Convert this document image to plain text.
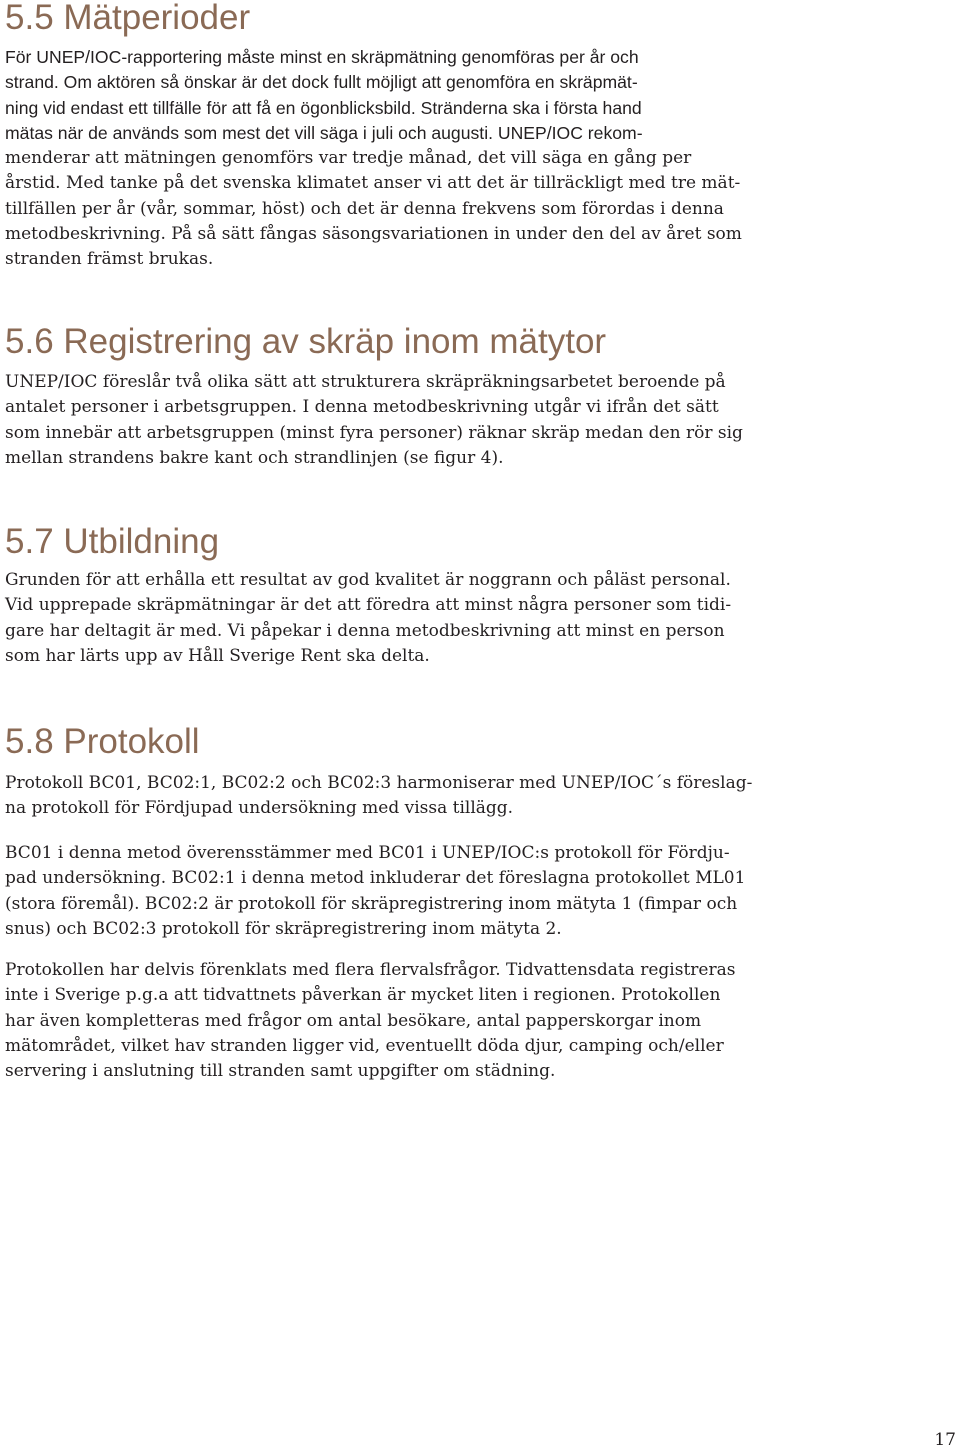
5.5 Mätperioder

För UNEP/IOC-rapportering måste minst en skräpmätning genomföras per år och
strand. Om aktören så önskar är det dock fullt möjligt att genomföra en skräpmät-
ning vid endast ett tillfälle för att få en ögonblicksbild. Stränderna ska i första hand
mätas när de används som mest det vill säga i juli och augusti. UNEP/IOC rekom-
menderar att mätningen genomförs var tredje månad, det vill säga en gång per
årstid. Med tanke på det svenska klimatet anser vi att det är tillräckligt med tre mät-
tillfällen per år (vår, sommar, höst) och det är denna frekvens som förordas i denna
metodbeskrivning. På så sätt fångas säsongsvariationen in under den del av året som
stranden främst brukas.

5.6 Registrering av skräp inom mätytor

UNEP/IOC föreslår två olika sätt att strukturera skräpräkningsarbetet beroende på
antalet personer i arbetsgruppen. I denna metodbeskrivning utgår vi ifrån det sätt
som innebär att arbetsgruppen (minst fyra personer) räknar skräp medan den rör sig
mellan strandens bakre kant och strandlinjen (se figur 4).

5.7 Utbildning

Grunden för att erhålla ett resultat av god kvalitet är noggrann och påläst personal.
Vid upprepade skräpmätningar är det att föredra att minst några personer som tidi-
gare har deltagit är med. Vi påpekar i denna metodbeskrivning att minst en person
som har lärts upp av Håll Sverige Rent ska delta.

5.8 Protokoll

Protokoll BC01, BC02:1, BC02:2 och BC02:3 harmoniserar med UNEP/IOC´s föreslag-
na protokoll för Fördjupad undersökning med vissa tillägg.

BC01 i denna metod överensstämmer med BC01 i UNEP/IOC:s protokoll för Fördju-
pad undersökning. BC02:1 i denna metod inkluderar det föreslagna protokollet ML01
(stora föremål). BC02:2 är protokoll för skräpregistrering inom mätyta 1 (fimpar och
snus) och BC02:3 protokoll för skräpregistrering inom mätyta 2.

Protokollen har delvis förenklats med flera flervalsfrågor. Tidvattensdata registreras
inte i Sverige p.g.a att tidvattnets påverkan är mycket liten i regionen. Protokollen
har även kompletteras med frågor om antal besökare, antal papperskorgar inom
mätområdet, vilket hav stranden ligger vid, eventuellt döda djur, camping och/eller
servering i anslutning till stranden samt uppgifter om städning.

17
